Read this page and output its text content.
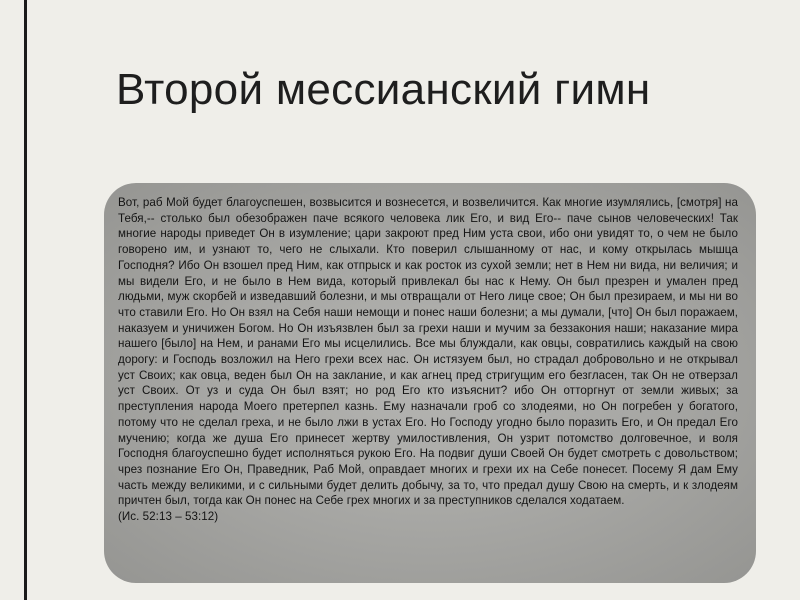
Второй мессианский гимн

Вот, раб Мой будет благоуспешен, возвысится и вознесется, и возвеличится. Как многие изумлялись, [смотря] на Тебя,-- столько был обезображен паче всякого человека лик Его, и вид Его-- паче сынов человеческих! Так многие народы приведет Он в изумление; цари закроют пред Ним уста свои, ибо они увидят то, о чем не было говорено им, и узнают то, чего не слыхали. Кто поверил слышанному от нас, и кому открылась мышца Господня? Ибо Он взошел пред Ним, как отпрыск и как росток из сухой земли; нет в Нем ни вида, ни величия; и мы видели Его, и не было в Нем вида, который привлекал бы нас к Нему. Он был презрен и умален пред людьми, муж скорбей и изведавший болезни, и мы отвращали от Него лице свое; Он был презираем, и мы ни во что ставили Его. Но Он взял на Себя наши немощи и понес наши болезни; а мы думали, [что] Он был поражаем, наказуем и уничижен Богом. Но Он изъязвлен был за грехи наши и мучим за беззакония наши; наказание мира нашего [было] на Нем, и ранами Его мы исцелились. Все мы блуждали, как овцы, совратились каждый на свою дорогу: и Господь возложил на Него грехи всех нас. Он истязуем был, но страдал добровольно и не открывал уст Своих; как овца, веден был Он на заклание, и как агнец пред стригущим его безгласен, так Он не отверзал уст Своих. От уз и суда Он был взят; но род Его кто изъяснит? ибо Он отторгнут от земли живых; за преступления народа Моего претерпел казнь. Ему назначали гроб со злодеями, но Он погребен у богатого, потому что не сделал греха, и не было лжи в устах Его. Но Господу угодно было поразить Его, и Он предал Его мучению; когда же душа Его принесет жертву умилостивления, Он узрит потомство долговечное, и воля Господня благоуспешно будет исполняться рукою Его. На подвиг души Своей Он будет смотреть с довольством; чрез познание Его Он, Праведник, Раб Мой, оправдает многих и грехи их на Себе понесет. Посему Я дам Ему часть между великими, и с сильными будет делить добычу, за то, что предал душу Свою на смерть, и к злодеям причтен был, тогда как Он понес на Себе грех многих и за преступников сделался ходатаем.
(Ис. 52:13 – 53:12)
